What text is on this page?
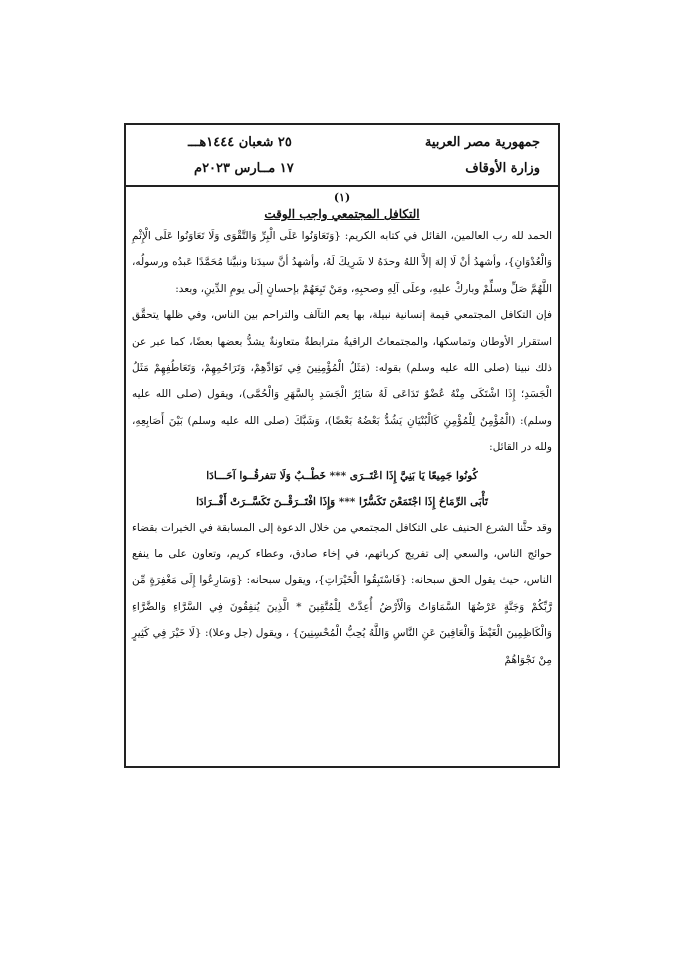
جمهورية مصر العربية
وزارة الأوقاف
٢٥ شعبان ١٤٤٤هـــ
١٧ مــارس ٢٠٢٣م
(١)
التكافل المجتمعي واجب الوقت

الحمد لله رب العالمين، القائل في كتابه الكريم: {وَتَعَاوَنُوا عَلَى الْبِرِّ وَالتَّقْوَى وَلَا تَعَاوَنُوا عَلَى الْإِثْمِ وَالْعُدْوَانِ}، وأشهدُ أنْ لَا إلهَ إلاَّ اللهُ وحدَهُ لا شَرِيكَ لَهُ، وأشهدُ أنَّ سيدَنا ونبيَّنا مُحَمَّدًا عَبدُه ورسولُه، اللَّهُمَّ صَلِّ وسلِّمْ وباركْ عليهِ، وعلَى آلِهِ وصحبِهِ، ومَنْ تَبِعَهُمْ بإحسانٍ إلَى يومِ الدِّينِ، وبعد:

فإن التكافل المجتمعي قيمة إنسانية نبيلة، بها يعم التآلف والتراحم بين الناس، وفي ظلها يتحقَّق استقرار الأوطان وتماسكها، والمجتمعاتُ الراقيةُ مترابطةٌ متعاونةٌ يشدُّ بعضها بعضًا، كما عبر عن ذلك نبينا (صلى الله عليه وسلم) بقوله: (مَثَلُ الْمُؤْمِنِينَ فِي تَوَادِّهِمْ، وَتَرَاحُمِهِمْ، وَتَعَاطُفِهِمْ مَثَلُ الْجَسَدِ؛ إِذَا اشْتَكَى مِنْهُ عُضْوٌ تَدَاعَى لَهُ سَائِرُ الْجَسَدِ بِالسَّهَرِ وَالْحُمَّى)، ويقول (صلى الله عليه وسلم): (الْمُؤْمِنُ لِلْمُؤْمِنِ كَالْبُنْيَانِ يَشُدُّ بَعْضُهُ بَعْضًا)، وَشَبَّكَ (صلى الله عليه وسلم) بَيْنَ أَصَابِعِهِ، ولله در القائل:

كُونُوا جَمِيعًا يَا بَنِيَّ إِذَا اعْتَــرَى *** خَطْــبٌ وَلَا تتفرقُــوا آحَـــادَا
تَأْبَى الرِّمَاحُ إِذَا اجْتَمَعْنَ تَكَسُّرًا *** وَإِذَا افْتَــرَقْــنَ تَكَسَّــرَتْ أَفْــرَادَا

وقد حثَّنا الشرع الحنيف على التكافل المجتمعي من خلال الدعوة إلى المسابقة في الخيرات بقضاء حوائج الناس، والسعي إلى تفريج كرباتهم، في إخاء صادق، وعطاء كريم، وتعاون على ما ينفع الناس، حيث يقول الحق سبحانه: {فَاسْتَبِقُوا الْخَيْرَاتِ}، ويقول سبحانه: {وَسَارِعُوا إِلَى مَغْفِرَةٍ مِّن رَّبِّكُمْ وَجَنَّةٍ عَرْضُهَا السَّمَاوَاتُ وَالْأَرْضُ أُعِدَّتْ لِلْمُتَّقِينَ * الَّذِينَ يُنفِقُونَ فِي السَّرَّاءِ وَالضَّرَّاءِ وَالْكَاظِمِينَ الْغَيْظَ وَالْعَافِينَ عَنِ النَّاسِ وَاللَّهُ يُحِبُّ الْمُحْسِنِينَ} ، ويقول (جل وعلا): {لَا خَيْرَ فِي كَثِيرٍ مِنْ نَجْوَاهُمْ
